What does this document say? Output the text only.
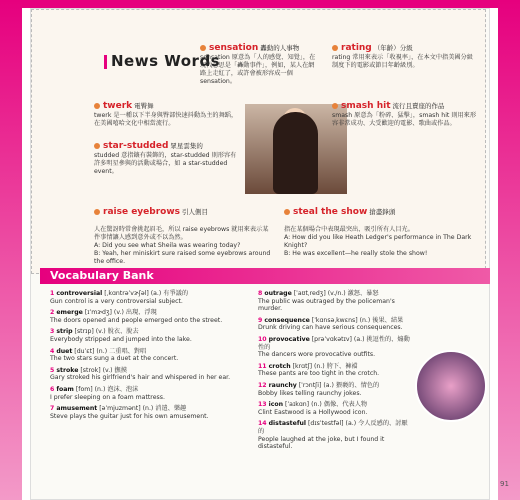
News Words
sensation 轟動的人事物
sensation 原意為「人的感覺、知覺」，在現代意思是「轟動事件」，例如，某人在網路上走紅了，或許會被形容成一個 sensation。
rating （年齡）分級
rating 常用來表示「收視率」，在本文中指美國分級制度下的電影或節目年齡級別。
twerk 電臀舞
twerk 是一種以下半身與臀部快速抖動為主的舞蹈，在美國嘻哈文化中相當流行。
star-studded 眾星雲集的
studded 意指鑲有裝飾的，star-studded 則形容有許多明星參與的活動或場合，如 a star-studded event。
smash hit 流行且賣座的作品
smash 原意為「粉碎、猛擊」，smash hit 則用來形容非常成功、大受歡迎的電影、歌曲或作品。

raise eyebrows 引人側目

人在驚訝時常會挑起眉毛，所以 raise eyebrows 就用來表示某件事情讓人感到意外或不以為然。
A: Did you see what Sheila was wearing today?
B: Yeah, her miniskirt sure raised some eyebrows around the office.

steal the show 搶盡鋒頭

指在某個場合中表現最突出、吸引所有人目光。
A: How did you like Heath Ledger's performance in The Dark Knight?
B: He was excellent—he really stole the show!

Vocabulary Bank
1 controversial [ˌkɑntrəˈvɝʃəl] (a.) 有爭議的
Gun control is a very controversial subject.
2 emerge [ɪˈmɝdʒ] (v.) 出現、浮現
The doors opened and people emerged onto the street.
3 strip [strɪp] (v.) 脫衣、脫去
Everybody stripped and jumped into the lake.
4 duet [duˈɛt] (n.) 二重唱、對唱
The two stars sung a duet at the concert.
5 stroke [strok] (v.) 撫摸
Gary stroked his girlfriend's hair and whispered in her ear.
6 foam [fom] (n.) 泡沫、泡沫
I prefer sleeping on a foam mattress.
7 amusement [əˈmjuzmənt] (n.) 消遣、樂趣
Steve plays the guitar just for his own amusement.
8 outrage [ˈaʊtˌredʒ] (v./n.) 激怒、暴怒
The public was outraged by the policeman's murder.
9 consequence [ˈkɑnsəˌkwɛns] (n.) 後果、結果
Drunk driving can have serious consequences.
10 provocative [prəˈvɑkətɪv] (a.) 挑逗性的、煽動性的
The dancers wore provocative outfits.
11 crotch [krɑtʃ] (n.) 胯下、褲襠
These pants are too tight in the crotch.
12 raunchy [ˈrɔntʃi] (a.) 猥褻的、情色的
Bobby likes telling raunchy jokes.
13 icon [ˈaɪkɑn] (n.) 偶像、代表人物
Clint Eastwood is a Hollywood icon.
14 distasteful [dɪsˈtestfəl] (a.) 令人反感的、討厭的
People laughed at the joke, but I found it distasteful.
91
